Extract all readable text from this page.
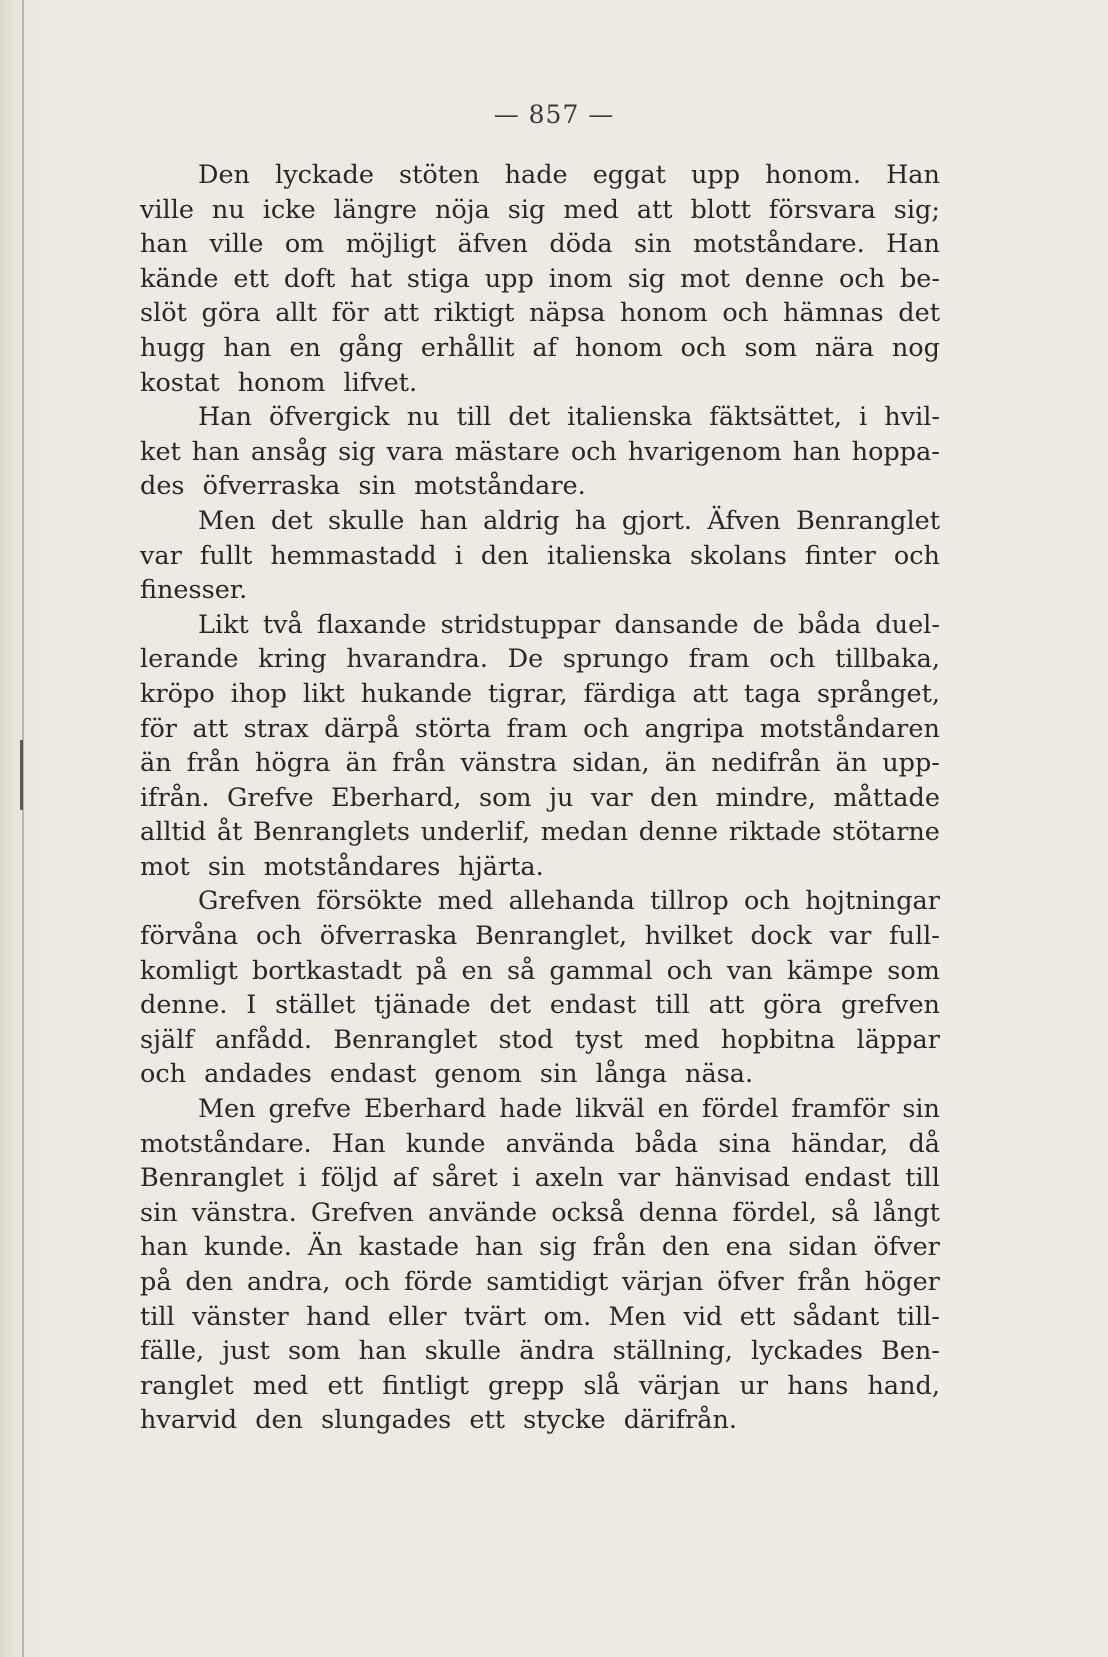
— 857 —
Den lyckade stöten hade eggat upp honom. Han
ville nu icke längre nöja sig med att blott försvara sig;
han ville om möjligt äfven döda sin motståndare. Han
kände ett doft hat stiga upp inom sig mot denne och be-
slöt göra allt för att riktigt näpsa honom och hämnas det
hugg han en gång erhållit af honom och som nära nog
kostat honom lifvet.
Han öfvergick nu till det italienska fäktsättet, i hvil-
ket han ansåg sig vara mästare och hvarigenom han hoppa-
des öfverraska sin motståndare.
Men det skulle han aldrig ha gjort. Äfven Benranglet
var fullt hemmastadd i den italienska skolans finter och
finesser.
Likt två flaxande stridstuppar dansande de båda duel-
lerande kring hvarandra. De sprungo fram och tillbaka,
kröpo ihop likt hukande tigrar, färdiga att taga språnget,
för att strax därpå störta fram och angripa motståndaren
än från högra än från vänstra sidan, än nedifrån än upp-
ifrån. Grefve Eberhard, som ju var den mindre, måttade
alltid åt Benranglets underlif, medan denne riktade stötarne
mot sin motståndares hjärta.
Grefven försökte med allehanda tillrop och hojtningar
förvåna och öfverraska Benranglet, hvilket dock var full-
komligt bortkastadt på en så gammal och van kämpe som
denne. I stället tjänade det endast till att göra grefven
själf anfådd. Benranglet stod tyst med hopbitna läppar
och andades endast genom sin långa näsa.
Men grefve Eberhard hade likväl en fördel framför sin
motståndare. Han kunde använda båda sina händar, då
Benranglet i följd af såret i axeln var hänvisad endast till
sin vänstra. Grefven använde också denna fördel, så långt
han kunde. Än kastade han sig från den ena sidan öfver
på den andra, och förde samtidigt värjan öfver från höger
till vänster hand eller tvärt om. Men vid ett sådant till-
fälle, just som han skulle ändra ställning, lyckades Ben-
ranglet med ett fintligt grepp slå värjan ur hans hand,
hvarvid den slungades ett stycke därifrån.
